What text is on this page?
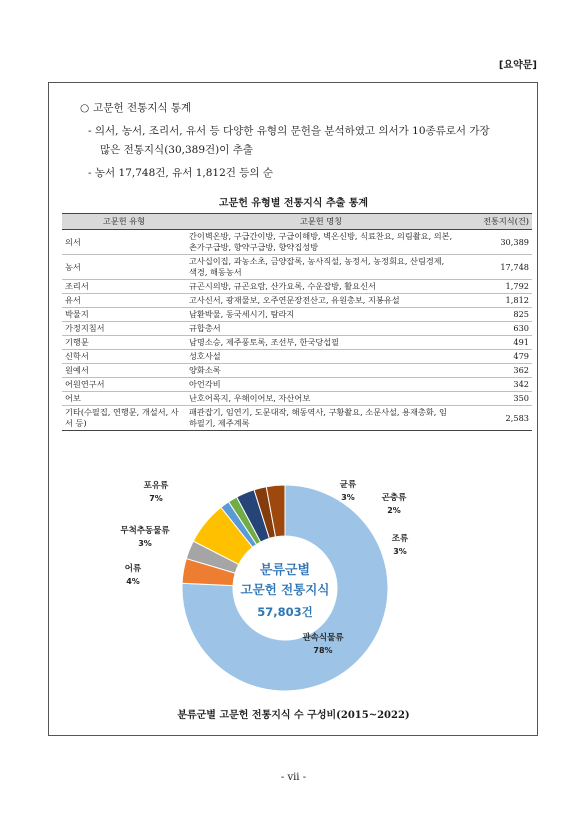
[요약문]
○ 고문헌 전통지식 통계
- 의서, 농서, 조리서, 유서 등 다양한 유형의 문헌을 분석하였고 의서가 10종류로서 가장
많은 전통지식(30,389건)이 추출
- 농서 17,748건, 유서 1,812건 등의 순
고문헌 유형별 전통지식 추출 통계
고문헌 유형	고문헌 명칭	전통지식(건)
의서	간이벽온방, 구급간이방, 구급이해방, 벽온신방, 식료찬요, 의림촬요, 의본, 촌가구급방, 향약구급방, 향약집성방	30,389
농서	고사십이집, 과농소초, 금양잡록, 농사직설, 농정서, 농정회요, 산림경제, 색경, 해동농서	17,748
조리서	규곤시의방, 규곤요람, 산가요록, 수운잡방, 활요신서	1,792
유서	고사신서, 광재물보, 오주연문장전산고, 유원총보, 지봉유설	1,812
박물지	남환박물, 동국세시기, 탐라지	825
가정지침서	규합총서	630
기행문	남명소승, 제주풍토록, 조선부, 한국당섭필	491
신학서	성호사설	479
원예서	양화소록	362
어원연구서	아언각비	342
어보	난호어목지, 우해이어보, 자산어보	350
기타(수필집, 연행문, 개설서, 사서 등)	패관잡기, 임연기, 도문대작, 해동역사, 구황촬요, 소문사설, 용재총화, 임하필기, 제주계록	2,583
관속식물류
78%
어류
4%
무척추동물류
3%
포유류
7%
균류
3%	곤충류
2%
조류
3%
분류군별
고문헌 전통지식
57,803건
분류군별 고문헌 전통지식 수 구성비(2015~2022)
- vii -
